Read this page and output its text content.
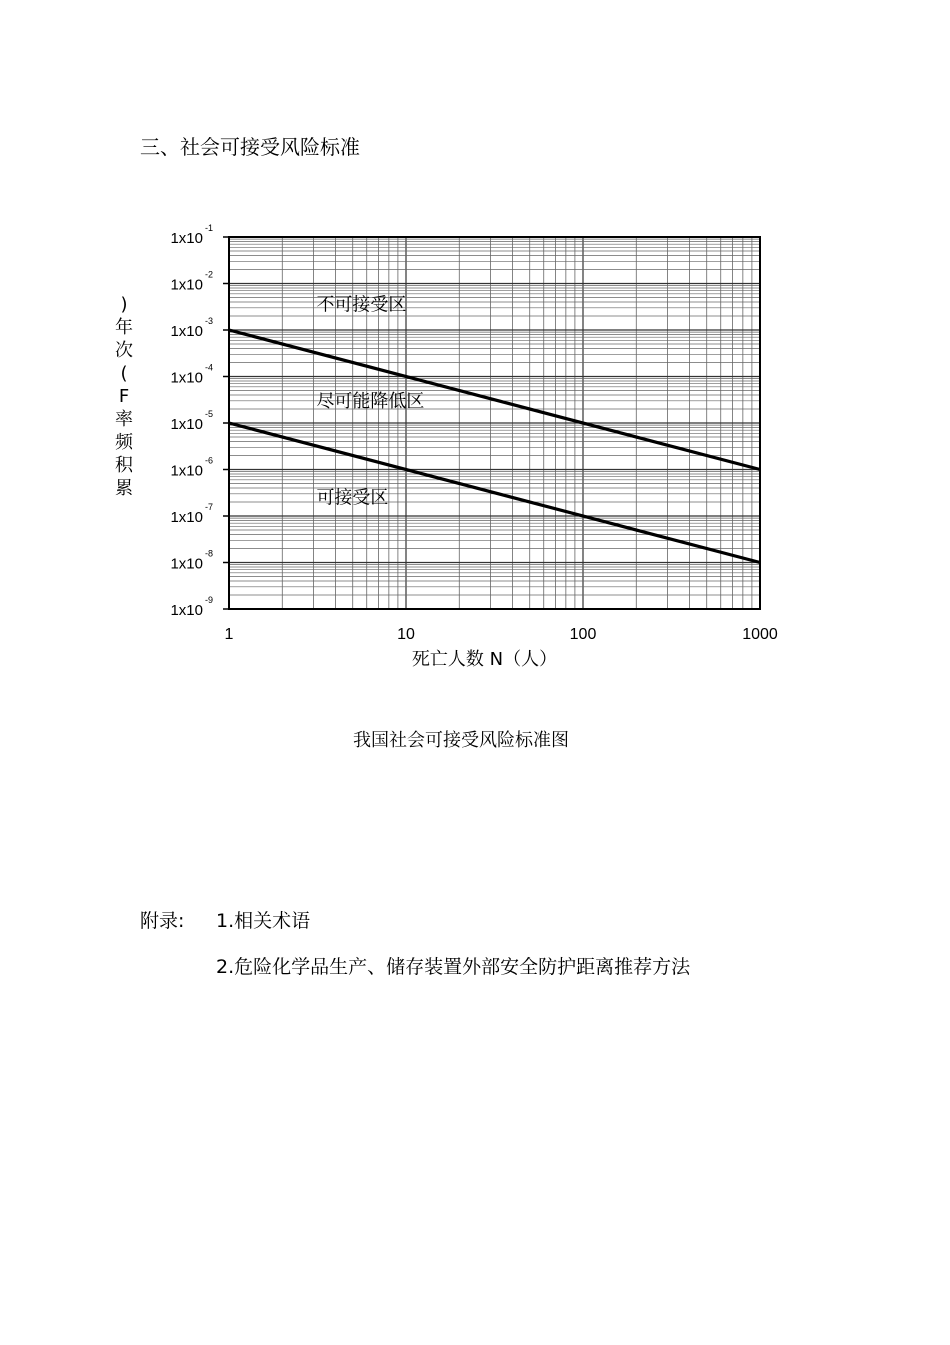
三、社会可接受风险标准
1x10
-1
1x10
-2
1x10
-3
1x10
-4
1x10
-5
1x10
-6
1x10
-7
1x10
-8
1x10
-9
1	10	100	1000
不可接受区
尽可能降低区
可接受区
死亡人数 N（人）
)
年
次
(
F
率
频
积
累
我国社会可接受风险标准图
附录: 1.相关术语
2.危险化学品生产、储存装置外部安全防护距离推荐方法
